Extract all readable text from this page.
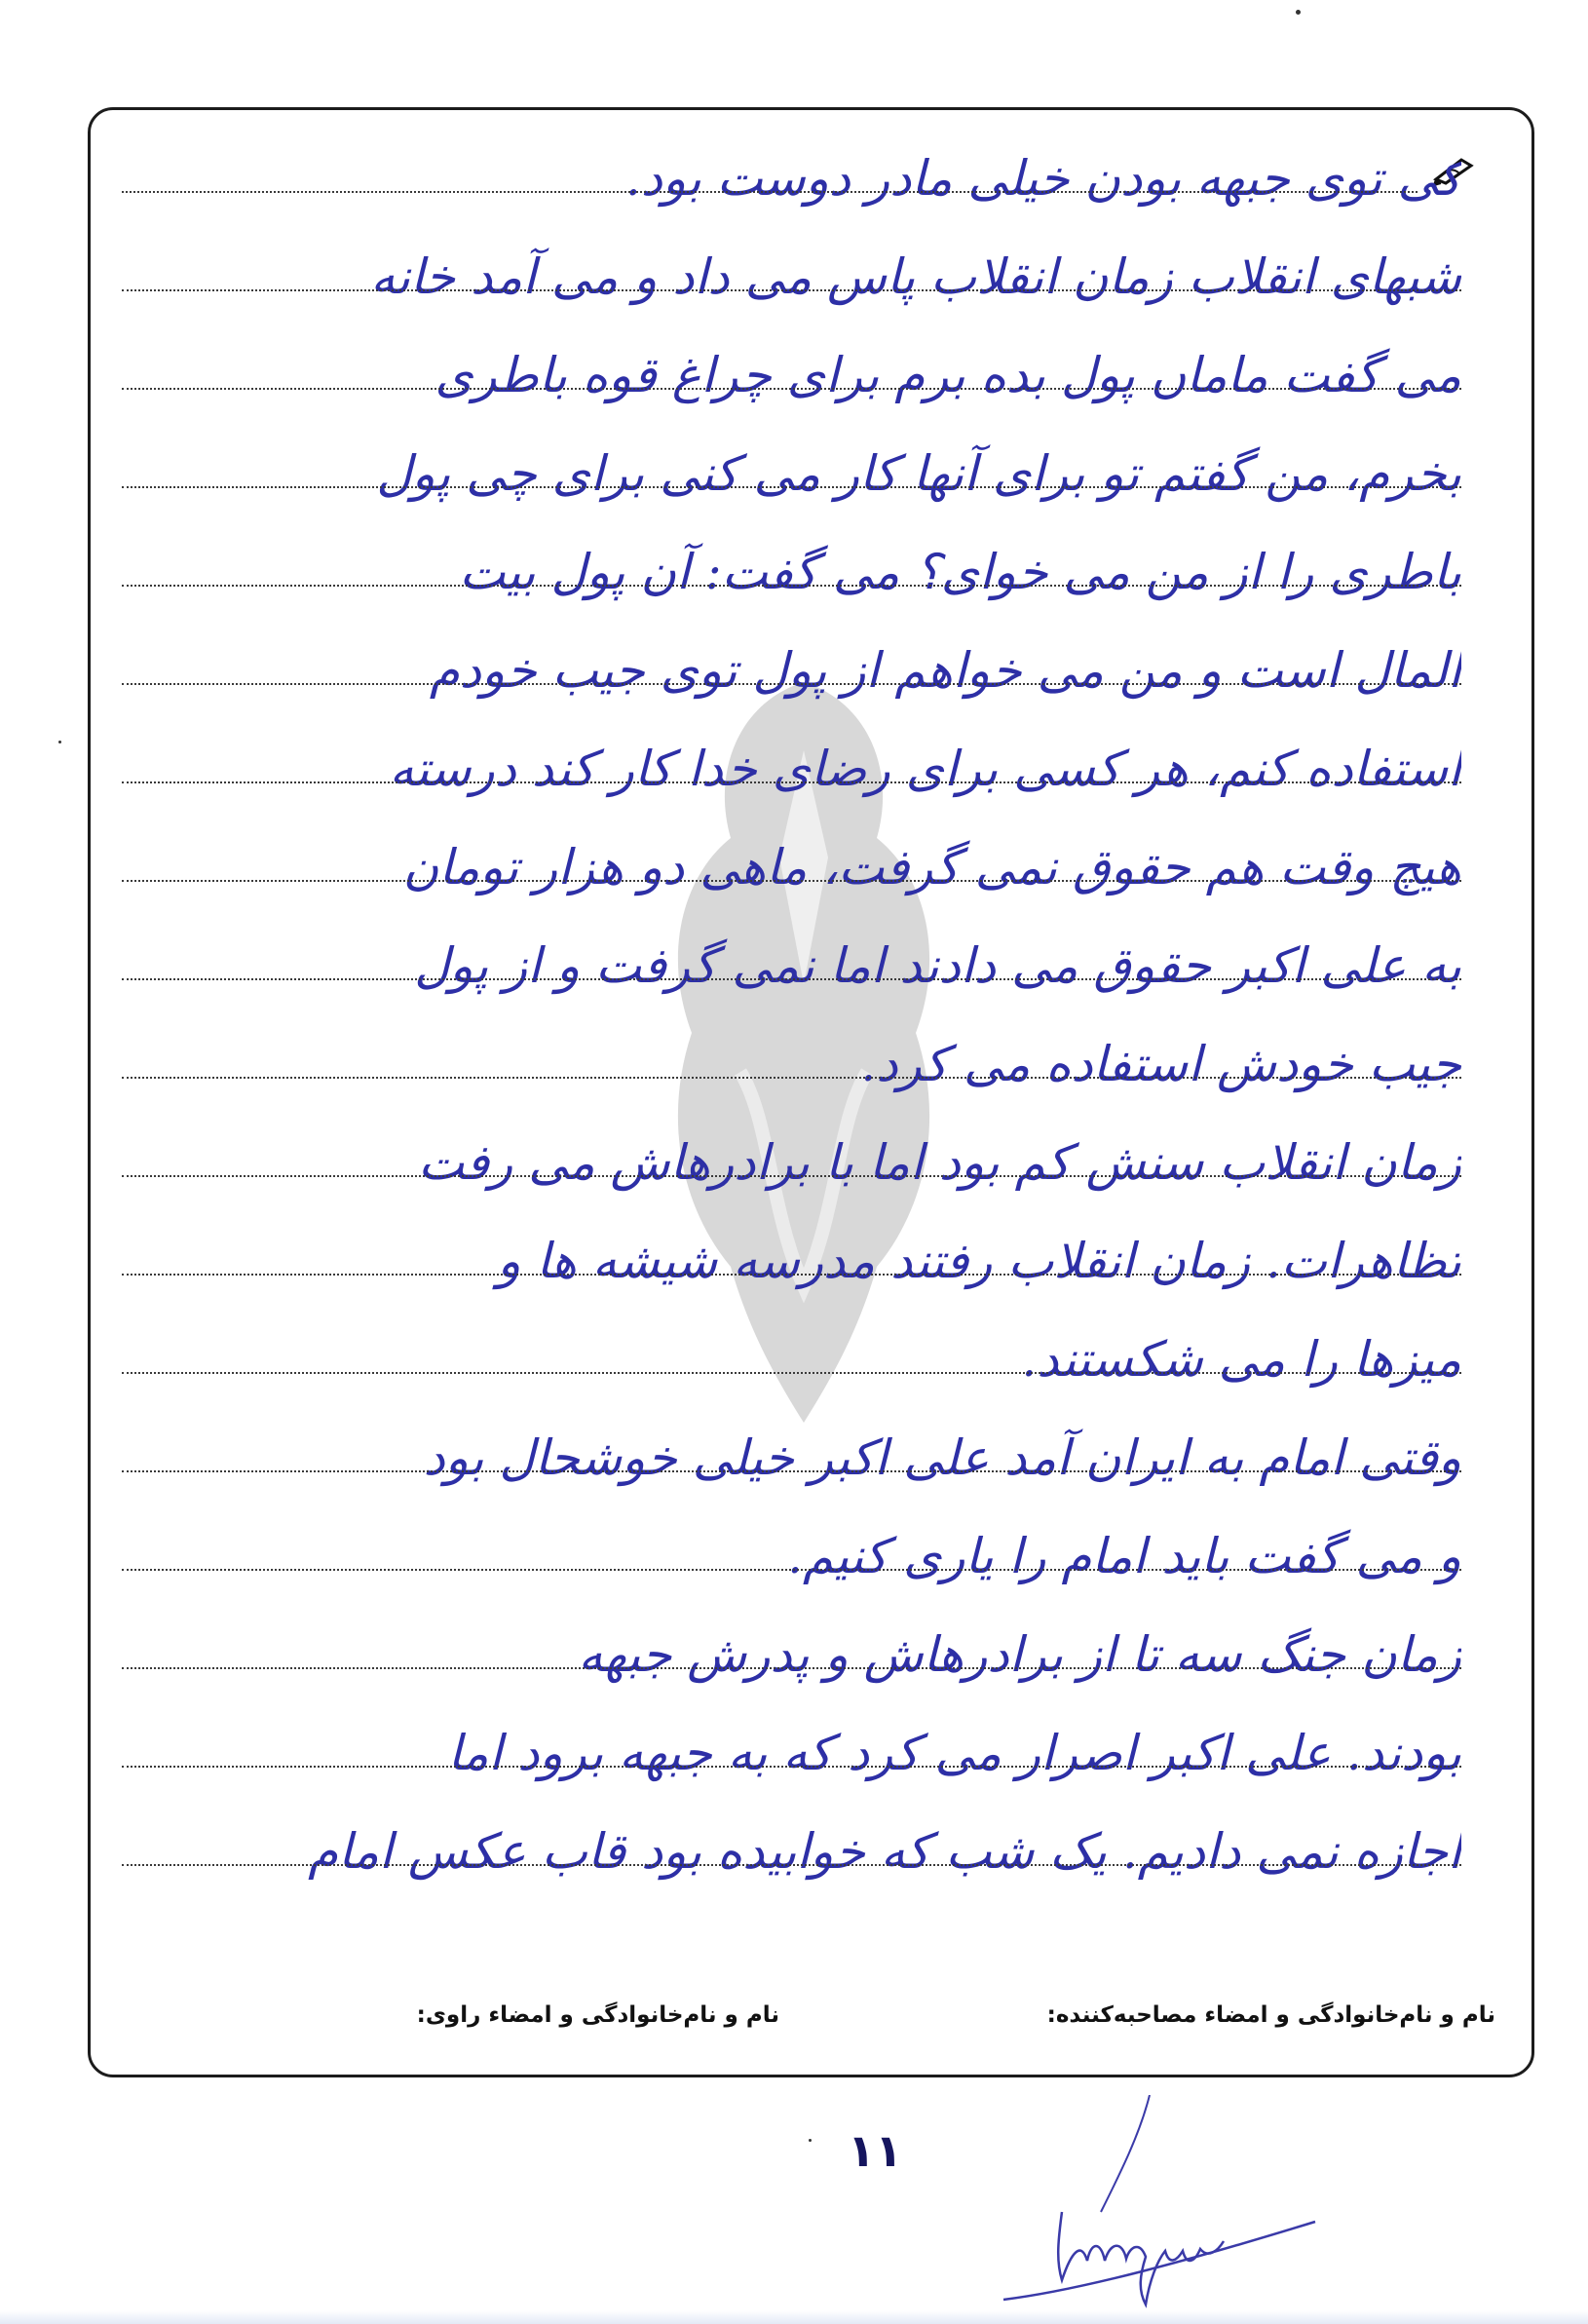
کی توی جبهه بودن خیلی مادر دوست بود.
شبهای انقلاب زمان انقلاب پاس می داد و می آمد خانه
می گفت ماماں پول بده برم برای چراغ قوه باطری
بخرم، من گفتم تو برای آنها کار می کنی برای چی پول
باطری را از من می خوای؟ می گفت: آن پول بیت
المال است و من می خواهم از پول توی جیب خودم
استفاده کنم، هر کسی برای رضای خدا کار کند درسته
هیچ وقت هم حقوق نمی گرفت، ماهی دو هزار تومان
به علی اکبر حقوق می دادند اما نمی گرفت و از پول
جیب خودش استفاده می کرد.
زمان انقلاب سنش کم بود اما با برادرهاش می رفت
تظاهرات. زمان انقلاب رفتند مدرسه شیشه ها و
میزها را می شکستند.
وقتی امام به ایران آمد علی اکبر خیلی خوشحال بود
و می گفت باید امام را یاری کنیم.
زمان جنگ سه تا از برادرهاش و پدرش جبهه
بودند. علی اکبر اصرار می کرد که به جبهه برود اما
اجازه نمی دادیم. یک شب که خوابیده بود قاب عکس امام
نام و نام‌خانوادگی و امضاء مصاحبه‌کننده:
نام و نام‌خانوادگی و امضاء راوی:
۱۱
